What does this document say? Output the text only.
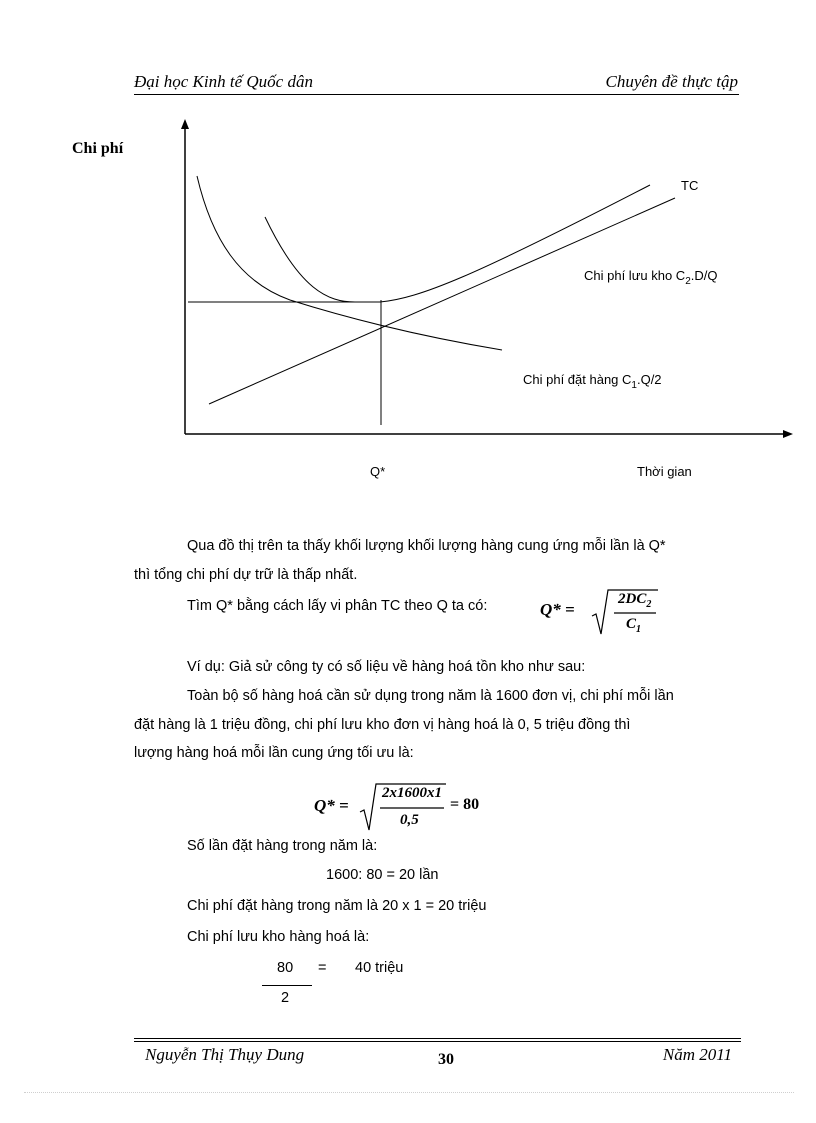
Đại học Kinh tế Quốc dân	Chuyên đề thực tập
Chi phí
TC
Chi phí lưu kho $C_2.D/Q$
Chi phí đặt hàng $C_1.Q/2$
Q*	Thời gian
Qua đồ thị trên ta thấy khối lượng khối lượng hàng cung ứng mỗi lần là Q*
thì tổng chi phí dự trữ là thấp nhất.
Tìm Q* bằng cách lấy vi phân TC theo Q ta có:	Q* =
$2DC_2$
$C_1$
Ví dụ: Giả sử công ty có số liệu về hàng hoá tồn kho như sau:
Toàn bộ số hàng hoá cần sử dụng trong năm là 1600 đơn vị, chi phí mỗi lần
đặt hàng là 1 triệu đồng, chi phí lưu kho đơn vị hàng hoá là 0, 5 triệu đồng thì
lượng hàng hoá mỗi lần cung ứng tối ưu là:
Q* =
2x1600x1
0,5
= 80
Số lần đặt hàng trong năm là:
1600: 80 = 20 lần
Chi phí đặt hàng trong năm là 20 x 1 = 20 triệu
Chi phí lưu kho hàng hoá là:
80 = 40 triệu
2
Nguyễn Thị Thụy Dung	30	Năm 2011
